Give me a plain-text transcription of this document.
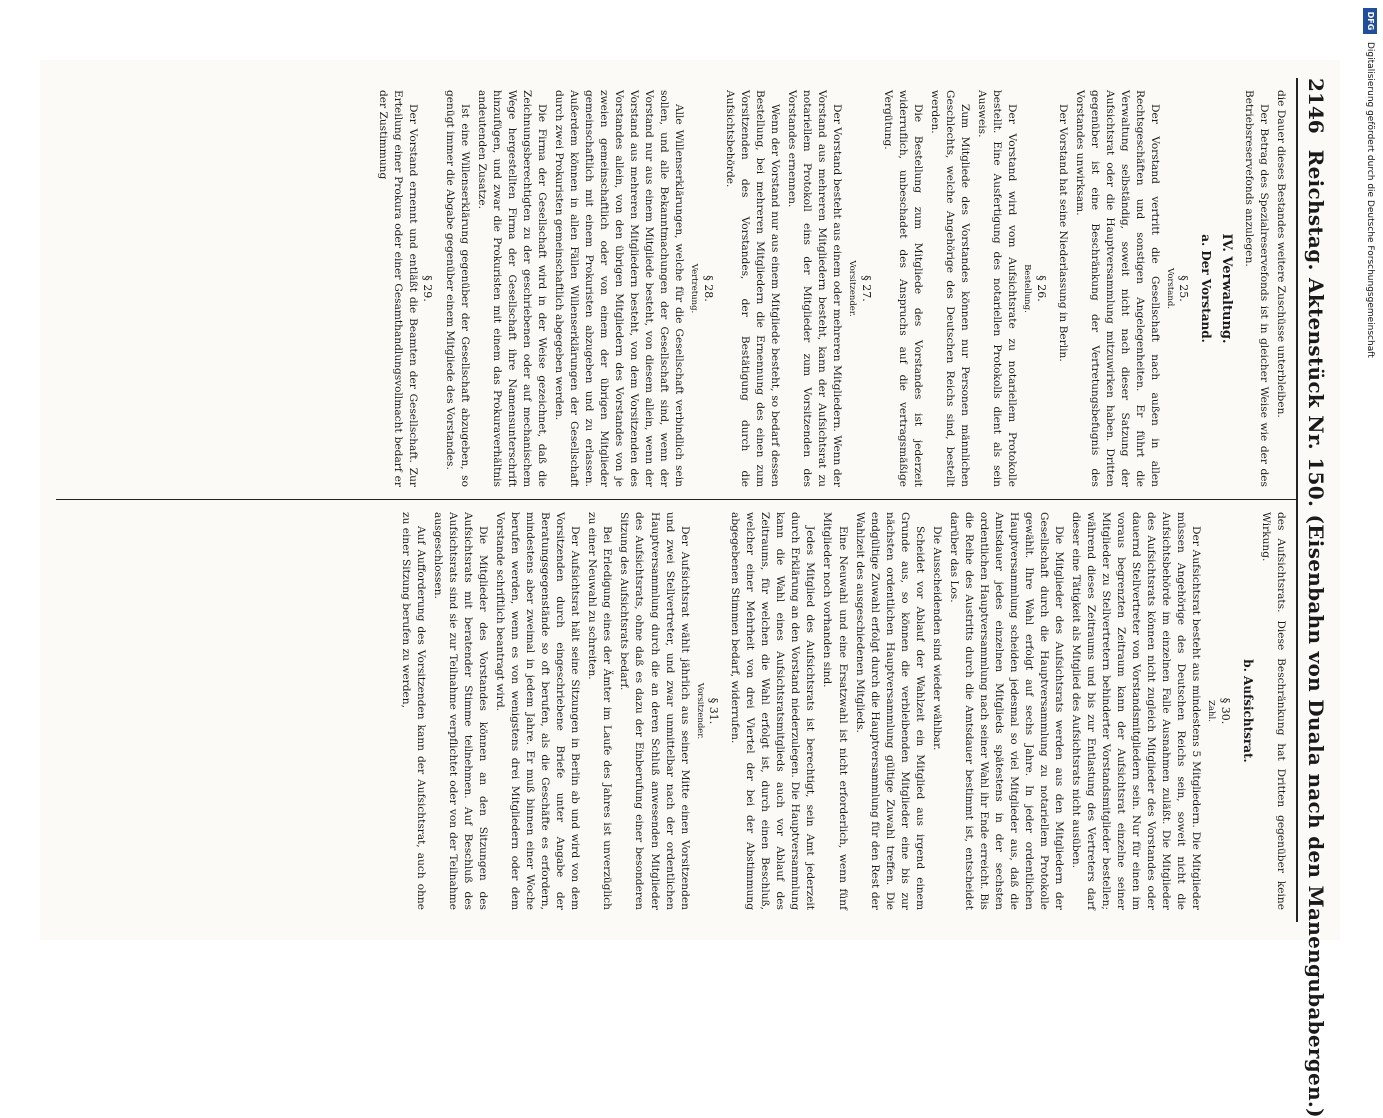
2146
Reichstag. Aktenstück Nr. 150. (Eisenbahn von Duala nach den Manengubabergen.)

die Dauer dieses Bestandes weitere Zuschüsse unterbleiben.

Der Betrag des Spezialreservefonds ist in gleicher Weise wie der des Betriebsreservefonds anzulegen.

IV. Verwaltung.
a. Der Vorstand.
§ 25.
Vorstand.

Der Vorstand vertritt die Gesellschaft nach außen in allen Rechtsgeschäften und sonstigen Angelegenheiten. Er führt die Verwaltung selbständig, soweit nicht nach dieser Satzung der Aufsichtsrat oder die Hauptversammlung mitzuwirken haben. Dritten gegenüber ist eine Beschränkung der Vertretungsbefugnis des Vorstandes unwirksam.

Der Vorstand hat seine Niederlassung in Berlin.

§ 26.
Bestellung.

Der Vorstand wird vom Aufsichtsrate zu notariellem Protokolle bestellt. Eine Ausfertigung des notariellen Protokolls dient als sein Ausweis.

Zum Mitgliede des Vorstandes können nur Personen männlichen Geschlechts, welche Angehörige des Deutschen Reichs sind, bestellt werden.

Die Bestellung zum Mitgliede des Vorstandes ist jederzeit widerruflich, unbeschadet des Anspruchs auf die vertragsmäßige Vergütung.

§ 27.
Vorsitzender.

Der Vorstand besteht aus einem oder mehreren Mitgliedern. Wenn der Vorstand aus mehreren Mitgliedern besteht, kann der Aufsichtsrat zu notariellem Protokoll eins der Mitglieder zum Vorsitzenden des Vorstandes ernennen.

Wenn der Vorstand nur aus einem Mitgliede besteht, so bedarf dessen Bestellung, bei mehreren Mitgliedern die Ernennung des einen zum Vorsitzenden des Vorstandes, der Bestätigung durch die Aufsichtsbehörde.

§ 28.
Vertretung.

Alle Willenserklärungen, welche für die Gesellschaft verbindlich sein sollen, und alle Bekanntmachungen der Gesellschaft sind, wenn der Vorstand nur aus einem Mitgliede besteht, von diesem allein, wenn der Vorstand aus mehreren Mitgliedern besteht, von dem Vorsitzenden des Vorstandes allein, von den übrigen Mitgliedern des Vorstandes von je zweien gemeinschaftlich oder von einem der übrigen Mitglieder gemeinschaftlich mit einem Prokuristen abzugeben und zu erlassen. Außerdem können in allen Fällen Willenserklärungen der Gesellschaft durch zwei Prokuristen gemeinschaftlich abgegeben werden.

Die Firma der Gesellschaft wird in der Weise gezeichnet, daß die Zeichnungsberechtigten zu der geschriebenen oder auf mechanischem Wege hergestellten Firma der Gesellschaft ihre Namensunterschrift hinzufügen, und zwar die Prokuristen mit einem das Prokuraverhältnis andeutenden Zusatze.

Ist eine Willenserklärung gegenüber der Gesellschaft abzugeben, so genügt immer die Abgabe gegenüber einem Mitgliede des Vorstandes.

§ 29.

Der Vorstand ernennt und entläßt die Beamten der Gesellschaft. Zur Erteilung einer Prokura oder einer Gesamthandlungsvollmacht bedarf er der Zustimmung

des Aufsichtsrats. Diese Beschränkung hat Dritten gegenüber keine Wirkung.

b. Aufsichtsrat.
§ 30.
Zahl.

Der Aufsichtsrat besteht aus mindestens 5 Mitgliedern. Die Mitglieder müssen Angehörige des Deutschen Reichs sein, soweit nicht die Aufsichtsbehörde im einzelnen Falle Ausnahmen zuläßt. Die Mitglieder des Aufsichtsrats können nicht zugleich Mitglieder des Vorstandes oder dauernd Stellvertreter von Vorstandsmitgliedern sein. Nur für einen im voraus begrenzten Zeitraum kann der Aufsichtsrat einzelne seiner Mitglieder zu Stellvertretern behinderter Vorstandsmitglieder bestellen; während dieses Zeitraums und bis zur Entlastung des Vertreters darf dieser eine Tätigkeit als Mitglied des Aufsichtsrats nicht ausüben.

Die Mitglieder des Aufsichtsrats werden aus den Mitgliedern der Gesellschaft durch die Hauptversammlung zu notariellem Protokolle gewählt. Ihre Wahl erfolgt auf sechs Jahre. In jeder ordentlichen Hauptversammlung scheiden jedesmal so viel Mitglieder aus, daß die Amtsdauer jedes einzelnen Mitglieds spätestens in der sechsten ordentlichen Hauptversammlung nach seiner Wahl ihr Ende erreicht. Bis die Reihe des Austritts durch die Amtsdauer bestimmt ist, entscheidet darüber das Los.

Die Ausscheidenden sind wieder wählbar.

Scheidet vor Ablauf der Wahlzeit ein Mitglied aus irgend einem Grunde aus, so können die verbleibenden Mitglieder eine bis zur nächsten ordentlichen Hauptversammlung gültige Zuwahl treffen. Die endgültige Zuwahl erfolgt durch die Hauptversammlung für den Rest der Wahlzeit des ausgeschiedenen Mitglieds.

Eine Neuwahl und eine Ersatzwahl ist nicht erforderlich, wenn fünf Mitglieder noch vorhanden sind.

Jedes Mitglied des Aufsichtsrats ist berechtigt, sein Amt jederzeit durch Erklärung an den Vorstand niederzulegen. Die Hauptversammlung kann die Wahl eines Aufsichtsratsmitglieds auch vor Ablauf des Zeitraums, für welchen die Wahl erfolgt ist, durch einen Beschluß, welcher einer Mehrheit von drei Viertel der bei der Abstimmung abgegebenen Stimmen bedarf, widerrufen.

§ 31.
Vorsitzender.

Der Aufsichtsrat wählt jährlich aus seiner Mitte einen Vorsitzenden und zwei Stellvertreter, und zwar unmittelbar nach der ordentlichen Hauptversammlung durch die an deren Schluß anwesenden Mitglieder des Aufsichtsrats, ohne daß es dazu der Einberufung einer besonderen Sitzung des Aufsichtsrats bedarf.

Bei Erledigung eines der Ämter im Laufe des Jahres ist unverzüglich zu einer Neuwahl zu schreiten.

Der Aufsichtsrat hält seine Sitzungen in Berlin ab und wird von dem Vorsitzenden durch eingeschriebene Briefe unter Angabe der Beratungsgegenstände so oft berufen, als die Geschäfte es erfordern, mindestens aber zweimal in jedem Jahre. Er muß binnen einer Woche berufen werden, wenn es von wenigstens drei Mitgliedern oder dem Vorstande schriftlich beantragt wird.

Die Mitglieder des Vorstandes können an den Sitzungen des Aufsichtsrats mit beratender Stimme teilnehmen. Auf Beschluß des Aufsichtsrats sind sie zur Teilnahme verpflichtet oder von der Teilnahme ausgeschlossen.

Auf Aufforderung des Vorsitzenden kann der Aufsichtsrat, auch ohne zu einer Sitzung berufen zu werden,

DFG
Digitalisierung gefördert durch die Deutsche Forschungsgemeinschaft
